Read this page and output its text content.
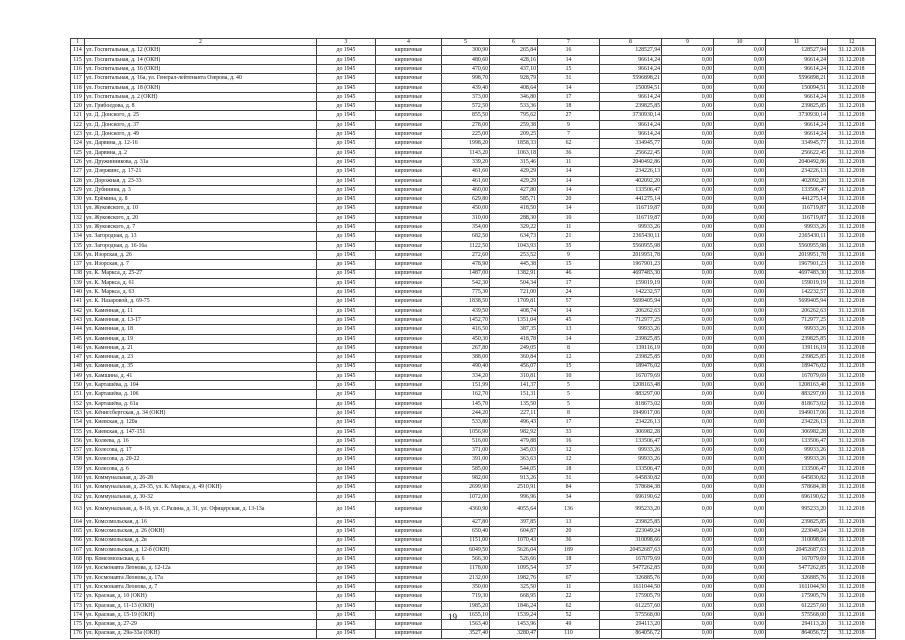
1	2	3	4	5	6	7	8	9	10	11	12
114	ул. Госпитальная, д. 12 (ОКН)	до 1945	кирпичные	300,90	265,84	16	128527,94	0,00	0,00	128527,94	31.12.2018
115	ул. Госпитальная, д. 14 (ОКН)	до 1945	кирпичные	480,60	428,16	14	96614,24	0,00	0,00	96614,24	31.12.2018
116	ул. Госпитальная, д. 16 (ОКН)	до 1945	кирпичные	470,60	437,10	15	96614,24	0,00	0,00	96614,24	31.12.2018
117	ул. Госпитальная, д. 16а, ул. Генерал-лейтенанта Озерова, д. 40	до 1945	кирпичные	998,70	928,79	31	5596898,21	0,00	0,00	5596898,21	31.12.2018
118	ул. Госпитальная, д. 18 (ОКН)	до 1945	кирпичные	439,40	408,64	14	150094,51	0,00	0,00	150094,51	31.12.2018
119	ул. Госпитальная, д. 2 (ОКН)	до 1945	кирпичные	373,00	346,80	17	96614,24	0,00	0,00	96614,24	31.12.2018
120	ул. Грибоедова, д. 8	до 1945	кирпичные	572,50	533,36	18	239825,85	0,00	0,00	239825,85	31.12.2018
121	ул. Д. Донского, д. 25	до 1945	кирпичные	855,50	795,62	27	3730930,14	0,00	0,00	3730930,14	31.12.2018
122	ул. Д. Донского, д. 37	до 1945	кирпичные	278,00	259,38	9	96614,24	0,00	0,00	96614,24	31.12.2018
123	ул. Д. Донского, д. 49	до 1945	кирпичные	225,00	209,25	7	96614,24	0,00	0,00	96614,24	31.12.2018
124	ул. Дарвина, д. 12-16	до 1945	кирпичные	1998,20	1858,33	62	334945,77	0,00	0,00	334945,77	31.12.2018
125	ул. Дарвина, д. 2	до 1945	кирпичные	1143,20	1063,18	36	256622,45	0,00	0,00	256622,45	31.12.2018
126	ул. Дружинникова, д. 31а	до 1945	кирпичные	339,20	315,46	11	2040492,86	0,00	0,00	2040492,86	31.12.2018
127	ул. Дзержинс, д. 17-21	до 1945	кирпичные	461,60	429,29	14	234226,13	0,00	0,00	234226,13	31.12.2018
128	ул. Дорожная, д. 23-33	до 1945	кирпичные	461,60	429,29	14	402092,20	0,00	0,00	402092,20	31.12.2018
129	ул. Дубинина, д. 3	до 1945	кирпичные	460,00	427,80	14	133506,47	0,00	0,00	133506,47	31.12.2018
130	ул. Ерёмина, д. 8	до 1945	кирпичные	629,80	585,71	20	441275,14	0,00	0,00	441275,14	31.12.2018
131	ул. Жуковского, д. 10	до 1945	кирпичные	450,00	418,50	14	116719,87	0,00	0,00	116719,87	31.12.2018
132	ул. Жуковского, д. 20	до 1945	кирпичные	310,00	288,30	10	116719,87	0,00	0,00	116719,87	31.12.2018
133	ул. Жуковского, д. 7	до 1945	кирпичные	354,00	329,22	11	99933,26	0,00	0,00	99933,26	31.12.2018
134	ул. Загородная, д. 13	до 1945	кирпичные	682,50	634,73	21	2365430,11	0,00	0,00	2365430,11	31.12.2018
135	ул. Загородная, д. 16-16а	до 1945	кирпичные	1122,50	1043,93	35	5560955,98	0,00	0,00	5560955,98	31.12.2018
136	ул. Изорская, д. 26	до 1945	кирпичные	272,60	253,52	9	2019951,78	0,00	0,00	2019951,78	31.12.2018
137	ул. Изорская, д. 7	до 1945	кирпичные	478,90	445,38	15	1967901,23	0,00	0,00	1967901,23	31.12.2018
138	ул. К. Маркса, д. 25-27	до 1945	кирпичные	1487,00	1382,91	46	4697483,30	0,00	0,00	4697483,30	31.12.2018
139	ул. К. Маркса, д. 61	до 1945	кирпичные	542,30	504,34	17	159019,19	0,00	0,00	159019,19	31.12.2018
140	ул. К. Маркса, д. 63	до 1945	кирпичные	775,30	721,00	24	142232,57	0,00	0,00	142232,57	31.12.2018
141	ул. К. Назаровой, д. 69-75	до 1945	кирпичные	1838,50	1709,81	57	5699405,94	0,00	0,00	5699405,94	31.12.2018
142	ул. Каменная, д. 11	до 1945	кирпичные	439,50	408,74	14	206262,63	0,00	0,00	206262,63	31.12.2018
143	ул. Каменная, д. 13-17	до 1945	кирпичные	1452,70	1351,04	45	712977,25	0,00	0,00	712977,25	31.12.2018
144	ул. Каменная, д. 18	до 1945	кирпичные	416,50	387,35	13	99933,26	0,00	0,00	99933,26	31.12.2018
145	ул. Каменная, д. 19	до 1945	кирпичные	450,30	418,78	14	239825,85	0,00	0,00	239825,85	31.12.2018
146	ул. Каменная, д. 21	до 1945	кирпичные	267,80	249,05	8	139116,19	0,00	0,00	139116,19	31.12.2018
147	ул. Каменная, д. 23	до 1945	кирпичные	388,00	360,84	12	239825,85	0,00	0,00	239825,85	31.12.2018
148	ул. Каменная, д. 35	до 1945	кирпичные	490,40	456,07	15	189476,02	0,00	0,00	189476,02	31.12.2018
149	ул. Камшина, д. 41	до 1945	кирпичные	334,20	310,81	10	167079,69	0,00	0,00	167079,69	31.12.2018
150	ул. Карташёва, д. 104	до 1945	кирпичные	151,99	141,37	5	1208163,48	0,00	0,00	1208163,48	31.12.2018
151	ул. Карташёва, д. 106	до 1945	кирпичные	162,70	151,31	5	883297,00	0,00	0,00	883297,00	31.12.2018
152	ул. Карташёва, д. 61а	до 1945	кирпичные	145,70	135,50	5	818673,02	0,00	0,00	818673,02	31.12.2018
153	ул. Кёнигсбергская, д. 34 (ОКН)	до 1945	кирпичные	244,20	227,11	8	1949017,06	0,00	0,00	1949017,06	31.12.2018
154	ул. Киевская, д. 120а	до 1945	кирпичные	533,80	496,43	17	234226,13	0,00	0,00	234226,13	31.12.2018
155	ул. Киевская, д. 147-151	до 1945	кирпичные	1056,90	982,92	33	306982,28	0,00	0,00	306982,28	31.12.2018
156	ул. Колеева, д. 16	до 1945	кирпичные	516,00	479,88	16	133506,47	0,00	0,00	133506,47	31.12.2018
157	ул. Колесова, д. 17	до 1945	кирпичные	371,00	345,03	12	99933,26	0,00	0,00	99933,26	31.12.2018
158	ул. Колесова, д. 20-22	до 1945	кирпичные	391,00	363,63	12	99933,26	0,00	0,00	99933,26	31.12.2018
159	ул. Колесова, д. 6	до 1945	кирпичные	585,00	544,05	18	133506,47	0,00	0,00	133506,47	31.12.2018
160	ул. Коммунальная, д. 26-28	до 1945	кирпичные	982,00	913,26	31	645830,82	0,00	0,00	645830,82	31.12.2018
161	ул. Коммунальная, д. 29-35, ул. К. Маркса, д. 49 (ОКН)	до 1945	кирпичные	2699,90	2510,91	84	578684,38	0,00	0,00	578684,38	31.12.2018
162	ул. Коммунальная, д. 30-32	до 1945	кирпичные	1072,00	996,96	34	696190,62	0,00	0,00	696190,62	31.12.2018
163	ул. Коммунальная, д. 8-18, ул. С.Разина, д. 31, ул. Офицерская, д. 13-13а	до 1945	кирпичные	4360,90	4055,64	136	995233,20	0,00	0,00	995233,20	31.12.2018
164	ул. Комсомольская, д. 16	до 1945	кирпичные	427,80	397,85	13	239825,85	0,00	0,00	239825,85	31.12.2018
165	ул. Комсомольская, д. 26 (ОКН)	до 1945	кирпичные	650,40	604,87	20	223049,24	0,00	0,00	223049,24	31.12.2018
166	ул. Комсомольская, д. 2в	до 1945	кирпичные	1151,00	1070,43	36	310098,66	0,00	0,00	310098,66	31.12.2018
167	ул. Комсомольская, д. 12-б (ОКН)	до 1945	кирпичные	6049,50	5626,04	189	20452687,63	0,00	0,00	20452687,63	31.12.2018
168	пр. Комсомольская, д. 6	до 1945	кирпичные	566,30	526,66	18	167079,69	0,00	0,00	167079,69	31.12.2018
169	ул. Космонавта Леонова, д. 12-12а	до 1945	кирпичные	1178,00	1095,54	37	5477262,85	0,00	0,00	5477262,85	31.12.2018
170	ул. Космонавта Леонова, д. 17а	до 1945	кирпичные	2132,00	1982,76	67	326885,76	0,00	0,00	326885,76	31.12.2018
171	ул. Космонавта Леонова, д. 7	до 1945	кирпичные	350,00	325,50	11	1611044,50	0,00	0,00	1611044,50	31.12.2018
172	ул. Красная, д. 10 (ОКН)	до 1945	кирпичные	719,30	668,95	22	175905,79	0,00	0,00	175905,79	31.12.2018
173	ул. Красная, д. 11-13 (ОКН)	до 1945	кирпичные	1985,20	1846,24	62	612257,60	0,00	0,00	612257,60	31.12.2018
174	ул. Красная, д. 15-19 (ОКН)	до 1945	кирпичные	1655,10	1539,24	52	575568,00	0,00	0,00	575568,00	31.12.2018
175	ул. Красная, д. 27-29	до 1945	кирпичные	1563,40	1453,96	49	294113,20	0,00	0,00	294113,20	31.12.2018
176	ул. Красная, д. 29а-33а (ОКН)	до 1945	кирпичные	3527,40	3280,47	110	864056,72	0,00	0,00	864056,72	31.12.2018
19
